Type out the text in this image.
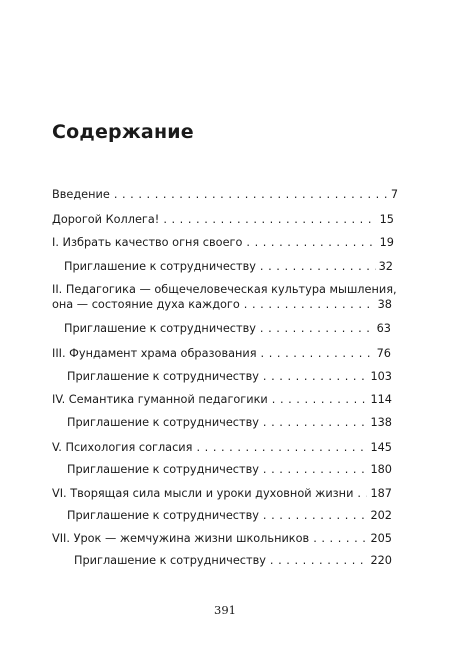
Содержание
Введение . . .	7
Дорогой Коллега! . . .	15
I. Избрать качество огня своего . . .	19
Приглашение к сотрудничеству . . .	32
II. Педагогика — общечеловеческая культура мышления,
она — состояние духа каждого . . .	38
Приглашение к сотрудничеству . . .	63
III. Фундамент храма образования . . .	76
Приглашение к сотрудничеству . . .	103
IV. Семантика гуманной педагогики . . .	114
Приглашение к сотрудничеству . . .	138
V. Психология согласия . . .	145
Приглашение к сотрудничеству . . .	180
VI. Творящая сила мысли и уроки духовной жизни . . . 187
Приглашение к сотрудничеству . . .	202
VII. Урок — жемчужина жизни школьников . . .	205
Приглашение к сотрудничеству . . .	220
391
